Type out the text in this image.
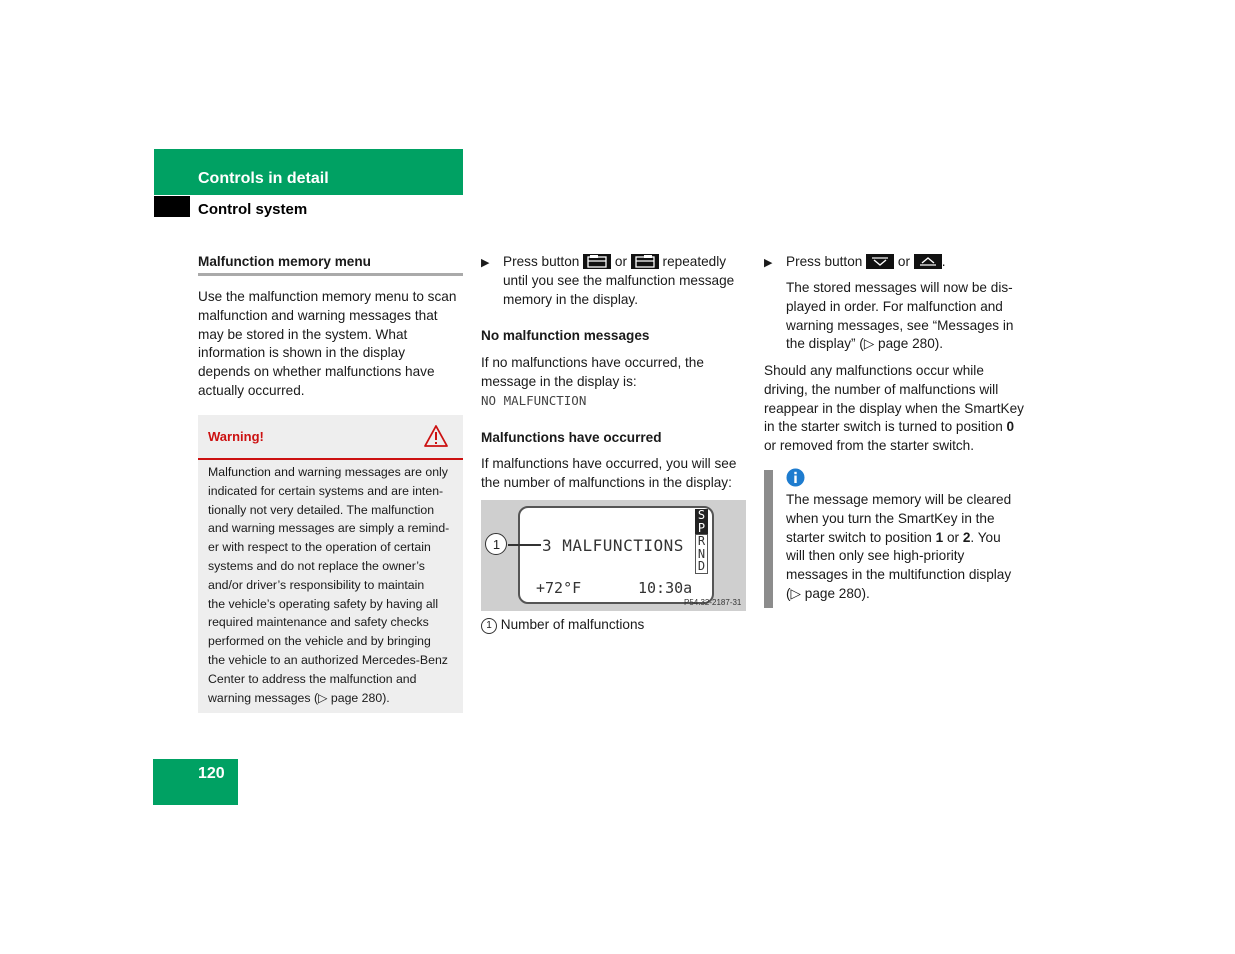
Controls in detail
Control system
Malfunction memory menu
Use the malfunction memory menu to scan
malfunction and warning messages that
may be stored in the system. What
information is shown in the display
depends on whether malfunctions have
actually occurred.
Warning!
Malfunction and warning messages are only
indicated for certain systems and are inten-
tionally not very detailed. The malfunction
and warning messages are simply a remind-
er with respect to the operation of certain
systems and do not replace the owner’s
and/or driver’s responsibility to maintain
the vehicle’s operating safety by having all
required maintenance and safety checks
performed on the vehicle and by bringing
the vehicle to an authorized Mercedes-Benz
Center to address the malfunction and
warning messages (▷ page 280).
▶ Press button	or	repeatedly
until you see the malfunction message
memory in the display.
No malfunction messages
If no malfunctions have occurred, the
message in the display is:
NO MALFUNCTION
Malfunctions have occurred
If malfunctions have occurred, you will see
the number of malfunctions in the display:
1	3 MALFUNCTIONS
+72°F	10:30a
S
P
R
N
D
P54.32-2187-31
1 Number of malfunctions
▶ Press button	or .
The stored messages will now be dis-
played in order. For malfunction and
warning messages, see “Messages in
the display” (▷ page 280).
Should any malfunctions occur while
driving, the number of malfunctions will
reappear in the display when the SmartKey
in the starter switch is turned to position 0
or removed from the starter switch.
The message memory will be cleared
when you turn the SmartKey in the
starter switch to position 1 or 2. You
will then only see high-priority
messages in the multifunction display
(▷ page 280).
120
